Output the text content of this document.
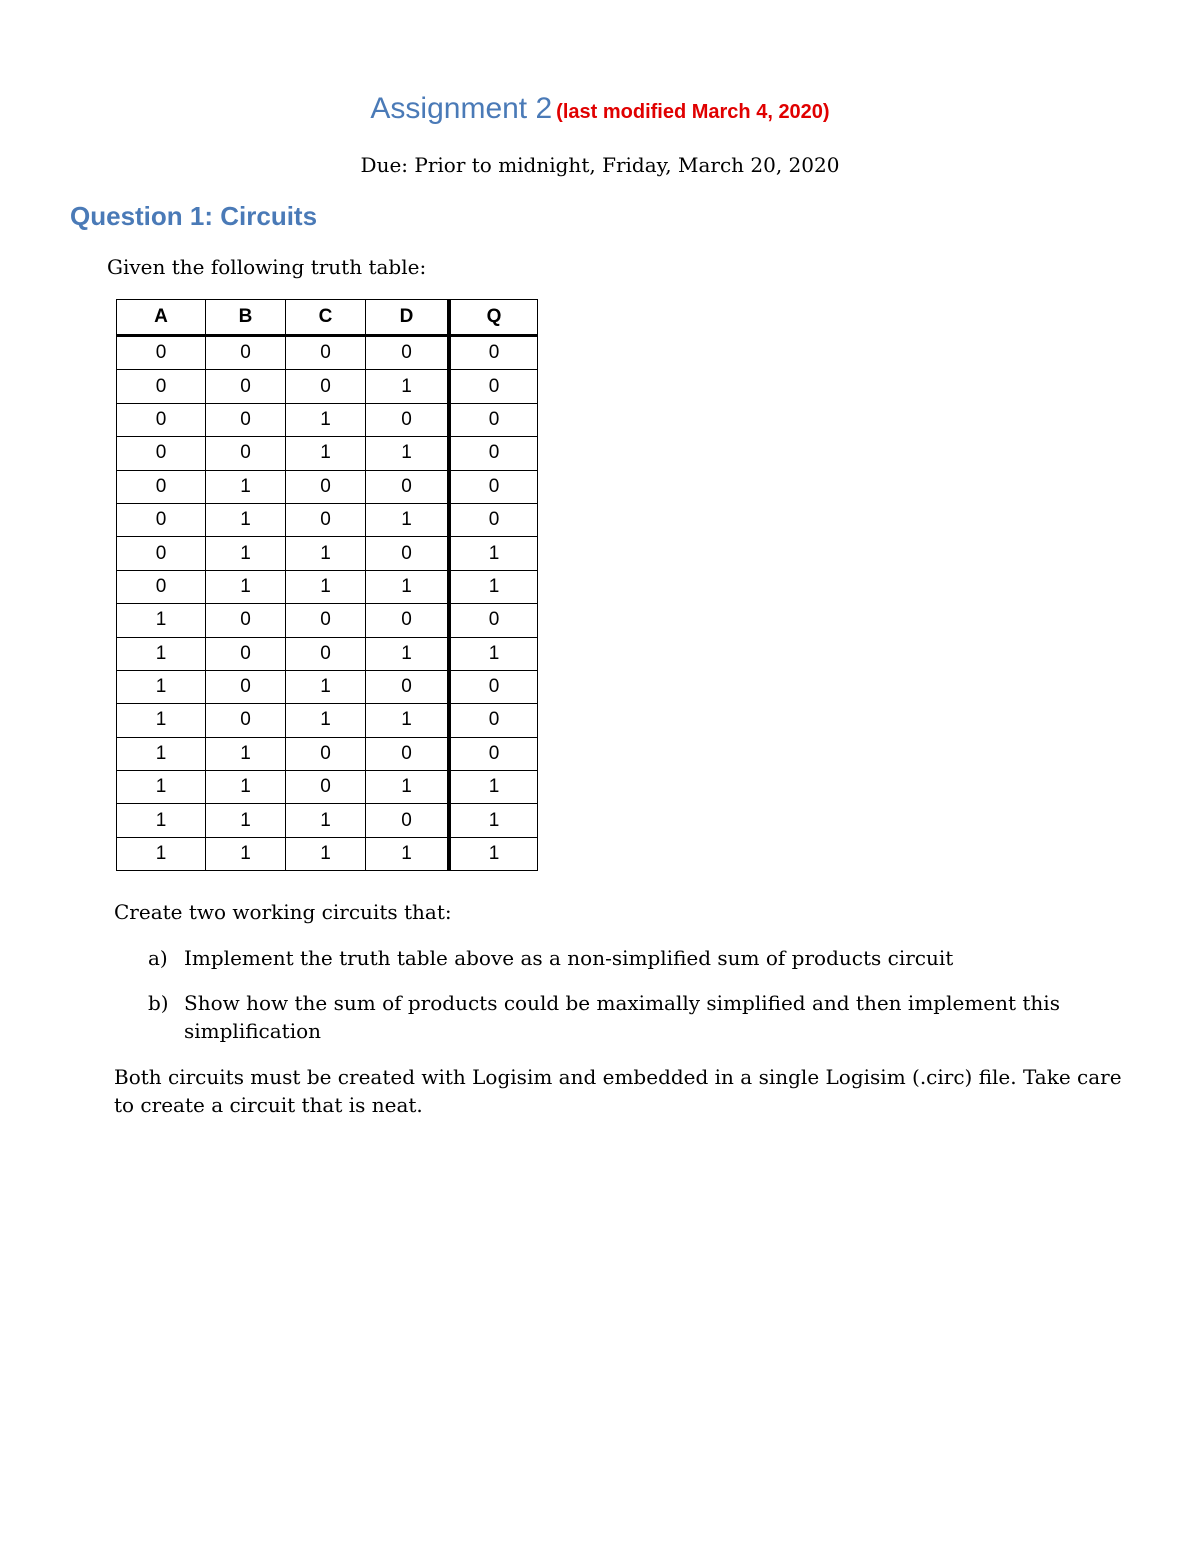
Assignment 2 (last modified March 4, 2020)
Due: Prior to midnight, Friday, March 20, 2020
Question 1: Circuits
Given the following truth table:
A	B	C	D	Q
0	0	0	0	0
0	0	0	1	0
0	0	1	0	0
0	0	1	1	0
0	1	0	0	0
0	1	0	1	0
0	1	1	0	1
0	1	1	1	1
1	0	0	0	0
1	0	0	1	1
1	0	1	0	0
1	0	1	1	0
1	1	0	0	0
1	1	0	1	1
1	1	1	0	1
1	1	1	1	1
Create two working circuits that:
a) Implement the truth table above as a non-simplified sum of products circuit
b) Show how the sum of products could be maximally simplified and then implement this simplification
Both circuits must be created with Logisim and embedded in a single Logisim (.circ) file. Take care to create a circuit that is neat.
